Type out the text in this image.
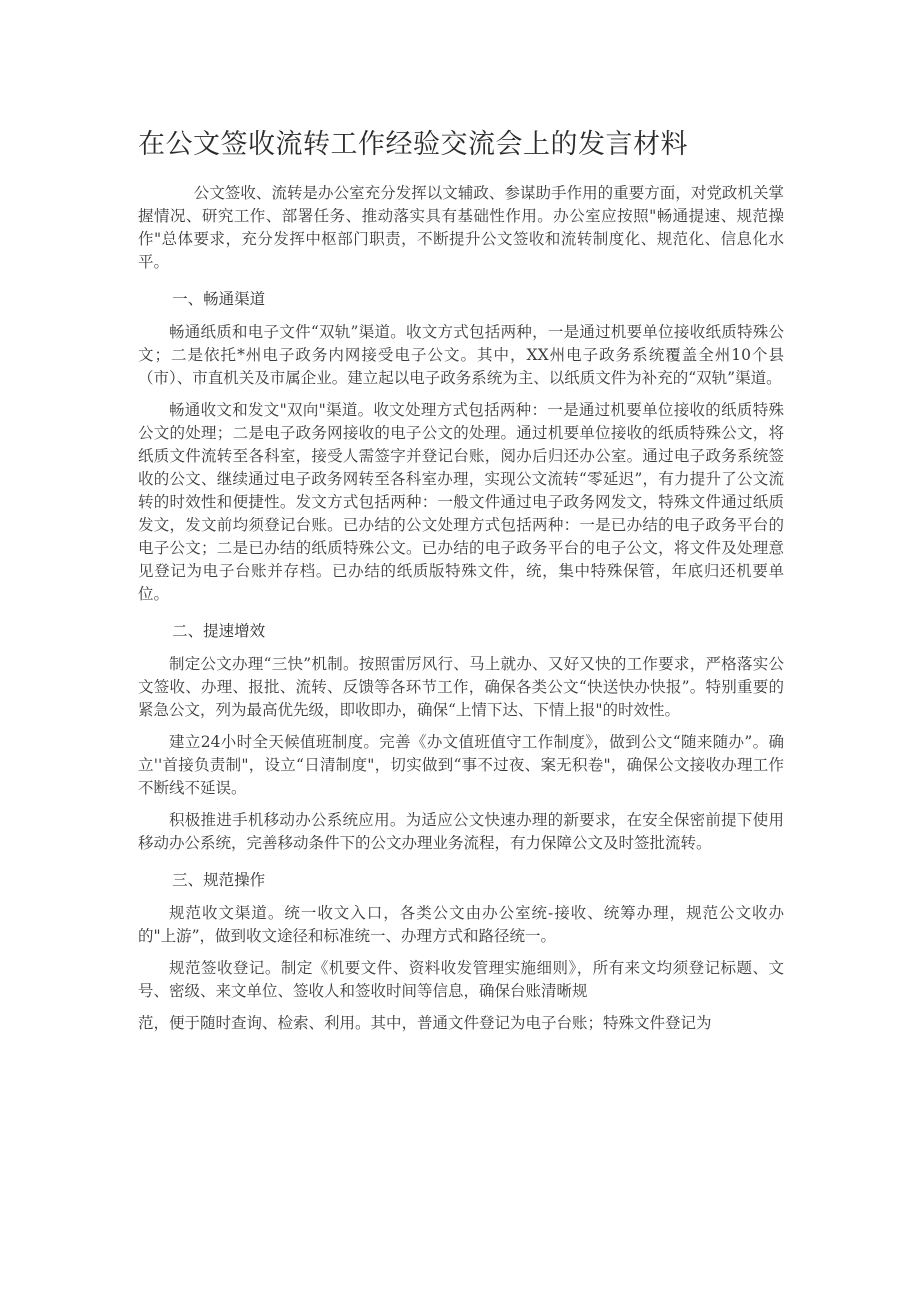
在公文签收流转工作经验交流会上的发言材料

公文签收、流转是办公室充分发挥以文辅政、参谋助手作用的重要方面，对党政机关掌握情况、研究工作、部署任务、推动落实具有基础性作用。办公室应按照"畅通提速、规范操作"总体要求，充分发挥中枢部门职责，不断提升公文签收和流转制度化、规范化、信息化水平。

一、畅通渠道

畅通纸质和电子文件“双轨”渠道。收文方式包括两种，一是通过机要单位接收纸质特殊公文；二是依托*州电子政务内网接受电子公文。其中，XX州电子政务系统覆盖全州10个县（市）、市直机关及市属企业。建立起以电子政务系统为主、以纸质文件为补充的“双轨”渠道。

畅通收文和发文"双向"渠道。收文处理方式包括两种：一是通过机要单位接收的纸质特殊公文的处理；二是电子政务网接收的电子公文的处理。通过机要单位接收的纸质特殊公文，将纸质文件流转至各科室，接受人需签字并登记台账，阅办后归还办公室。通过电子政务系统签收的公文、继续通过电子政务网转至各科室办理，实现公文流转“零延迟”，有力提升了公文流转的时效性和便捷性。发文方式包括两种：一般文件通过电子政务网发文，特殊文件通过纸质发文，发文前均须登记台账。已办结的公文处理方式包括两种：一是已办结的电子政务平台的电子公文；二是已办结的纸质特殊公文。已办结的电子政务平台的电子公文，将文件及处理意见登记为电子台账并存档。已办结的纸质版特殊文件，统，集中特殊保管，年底归还机要单位。

二、提速增效

制定公文办理“三快”机制。按照雷厉风行、马上就办、又好又快的工作要求，严格落实公文签收、办理、报批、流转、反馈等各环节工作，确保各类公文“快送快办快报”。特别重要的紧急公文，列为最高优先级，即收即办，确保“上情下达、下情上报"的时效性。

建立24小时全天候值班制度。完善《办文值班值守工作制度》，做到公文“随来随办”。确立''首接负责制"，设立“日清制度"，切实做到“事不过夜、案无积卷"，确保公文接收办理工作不断线不延误。

积极推进手机移动办公系统应用。为适应公文快速办理的新要求，在安全保密前提下使用移动办公系统，完善移动条件下的公文办理业务流程，有力保障公文及时签批流转。

三、规范操作

规范收文渠道。统一收文入口，各类公文由办公室统-接收、统筹办理，规范公文收办的"上游”，做到收文途径和标准统一、办理方式和路径统一。

规范签收登记。制定《机要文件、资料收发管理实施细则》，所有来文均须登记标题、文号、密级、来文单位、签收人和签收时间等信息，确保台账清晰规

范，便于随时查询、检索、利用。其中，普通文件登记为电子台账；特殊文件登记为
